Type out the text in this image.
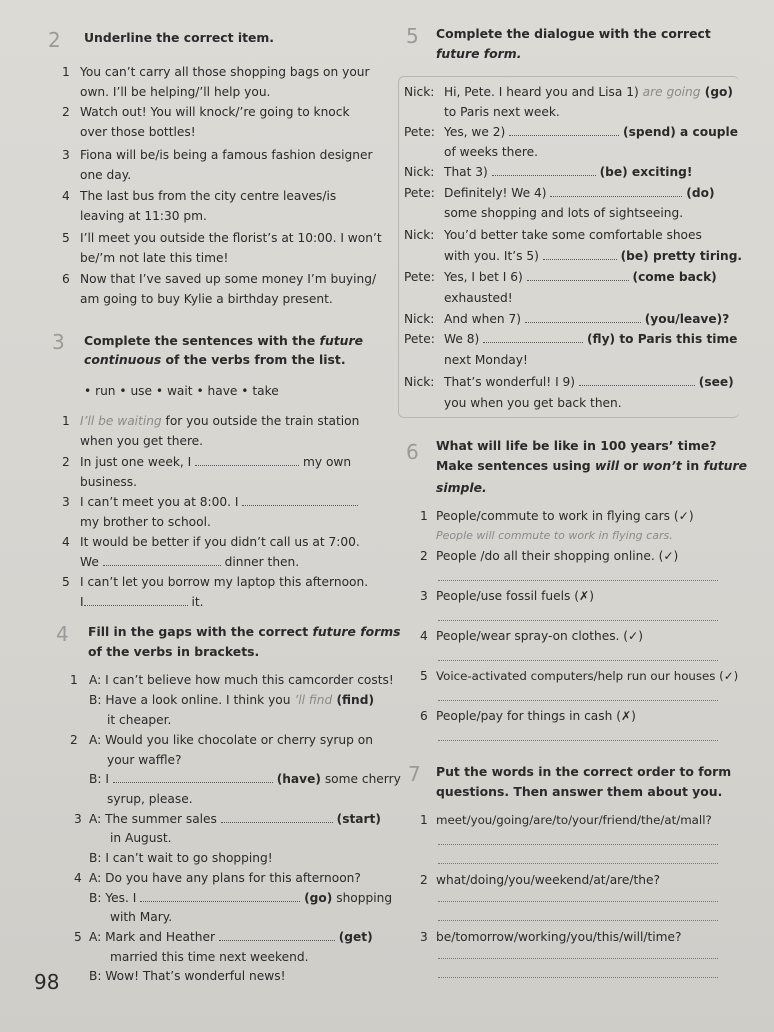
2 Underline the correct item.
1 You can’t carry all those shopping bags on your
own. I’ll be helping/’ll help you.
2 Watch out! You will knock/’re going to knock
over those bottles!
3 Fiona will be/is being a famous fashion designer
one day.
4 The last bus from the city centre leaves/is
leaving at 11:30 pm.
5 I’ll meet you outside the florist’s at 10:00. I won’t
be/’m not late this time!
6 Now that I’ve saved up some money I’m buying/
am going to buy Kylie a birthday present.
3 Complete the sentences with the future
continuous of the verbs from the list.
• run • use • wait • have • take
1 I’ll be waiting for you outside the train station
when you get there.
2 In just one week, I	my own
business.
3 I can’t meet you at 8:00. I
my brother to school.
4 It would be better if you didn’t call us at 7:00.
We	dinner then.
5 I can’t let you borrow my laptop this afternoon.
I	it.
4 Fill in the gaps with the correct future forms
of the verbs in brackets.
1 A: I can’t believe how much this camcorder costs!
B: Have a look online. I think you ’ll find (find)
it cheaper.
2 A: Would you like chocolate or cherry syrup on
your waffle?
B: I	(have) some cherry
syrup, please.
3 A: The summer sales	(start)
in August.
B: I can’t wait to go shopping!
4 A: Do you have any plans for this afternoon?
B: Yes. I	(go) shopping
with Mary.
5 A: Mark and Heather	(get)
married this time next weekend.
B: Wow! That’s wonderful news!
98
5 Complete the dialogue with the correct
future form.
Nick: Hi, Pete. I heard you and Lisa 1) are going (go)
to Paris next week.
Pete: Yes, we 2)	(spend) a couple
of weeks there.
Nick: That 3)	(be) exciting!
Pete: Definitely! We 4)	(do)
some shopping and lots of sightseeing.
Nick: You’d better take some comfortable shoes
with you. It’s 5)	(be) pretty tiring.
Pete: Yes, I bet I 6)	(come back)
exhausted!
Nick: And when 7)	(you/leave)?
Pete: We 8)	(fly) to Paris this time
next Monday!
Nick: That’s wonderful! I 9)	(see)
you when you get back then.
6 What will life be like in 100 years’ time?
Make sentences using will or won’t in future
simple.
1 People/commute to work in flying cars (✓)
People will commute to work in flying cars.
2 People /do all their shopping online. (✓)
3 People/use fossil fuels (✗)
4 People/wear spray-on clothes. (✓)
5 Voice-activated computers/help run our houses (✓)
6 People/pay for things in cash (✗)
7 Put the words in the correct order to form
questions. Then answer them about you.
1 meet/you/going/are/to/your/friend/the/at/mall?
2 what/doing/you/weekend/at/are/the?
3 be/tomorrow/working/you/this/will/time?
